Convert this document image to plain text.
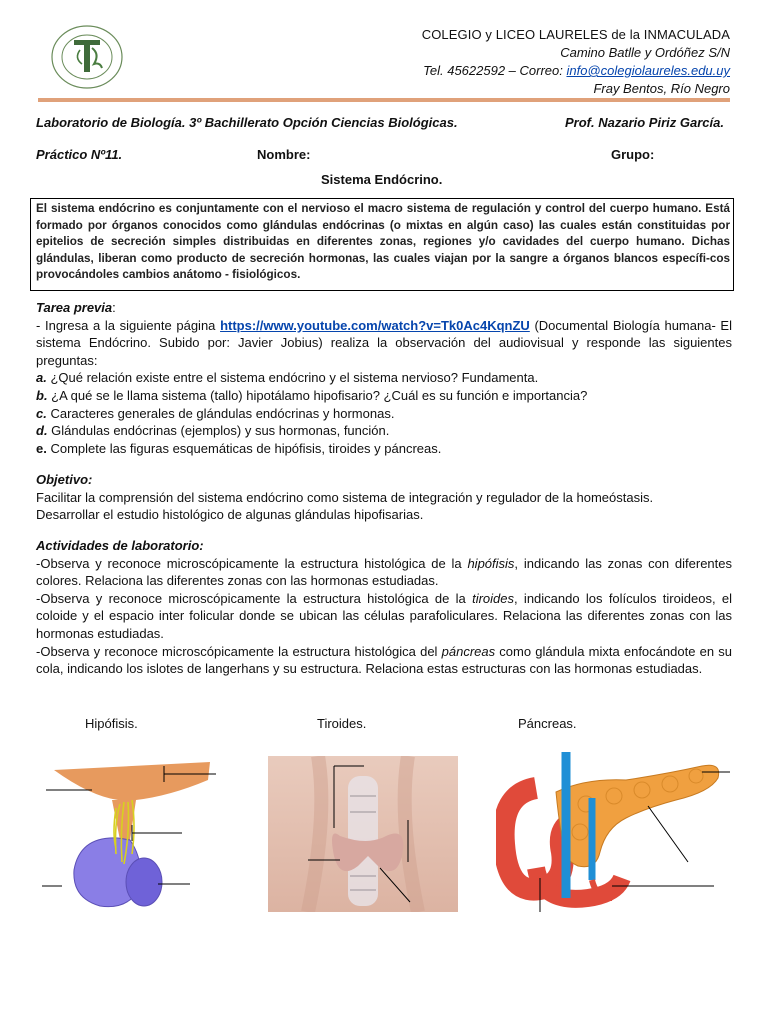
COLEGIO y LICEO LAURELES de la INMACULADA
Camino Batlle y Ordóñez S/N
Tel. 45622592 – Correo: info@colegiolaureles.edu.uy
Fray Bentos, Río Negro
Laboratorio de Biología. 3º Bachillerato Opción Ciencias Biológicas.	Prof. Nazario Piriz García.
Práctico Nº11.	Nombre:	Grupo:
Sistema Endócrino.
El sistema endócrino es conjuntamente con el nervioso el macro sistema de regulación y control del cuerpo humano. Está formado por órganos conocidos como glándulas endócrinas (o mixtas en algún caso) las cuales están constituidas por epitelios de secreción simples distribuidas en diferentes zonas, regiones y/o cavidades del cuerpo humano. Dichas glándulas, liberan como producto de secreción hormonas, las cuales viajan por la sangre a órganos blancos específi-cos provocándoles cambios anátomo - fisiológicos.

Tarea previa:

- Ingresa a la siguiente página https://www.youtube.com/watch?v=Tk0Ac4KqnZU (Documental Biología humana- El sistema Endócrino. Subido por: Javier Jobius) realiza la observación del audiovisual y responde las siguientes preguntas:

a. ¿Qué relación existe entre el sistema endócrino y el sistema nervioso? Fundamenta.

b. ¿A qué se le llama sistema (tallo) hipotálamo hipofisario? ¿Cuál es su función e importancia?

c. Caracteres generales de glándulas endócrinas y hormonas.

d. Glándulas endócrinas (ejemplos) y sus hormonas, función.

e. Complete las figuras esquemáticas de hipófisis, tiroides y páncreas.

Objetivo:

Facilitar la comprensión del sistema endócrino como sistema de integración y regulador de la homeóstasis.

Desarrollar el estudio histológico de algunas glándulas hipofisarias.

Actividades de laboratorio:

-Observa y reconoce microscópicamente la estructura histológica de la hipófisis, indicando las zonas con diferentes colores. Relaciona las diferentes zonas con las hormonas estudiadas.

-Observa y reconoce microscópicamente la estructura histológica de la tiroides, indicando los folículos tiroideos, el coloide y el espacio inter folicular donde se ubican las células parafoliculares. Relaciona las diferentes zonas con las hormonas estudiadas.

-Observa y reconoce microscópicamente la estructura histológica del páncreas como glándula mixta enfocándote en su cola, indicando los islotes de langerhans y su estructura. Relaciona estas estructuras con las hormonas estudiadas.

Hipófisis.	Tiroides.	Páncreas.
